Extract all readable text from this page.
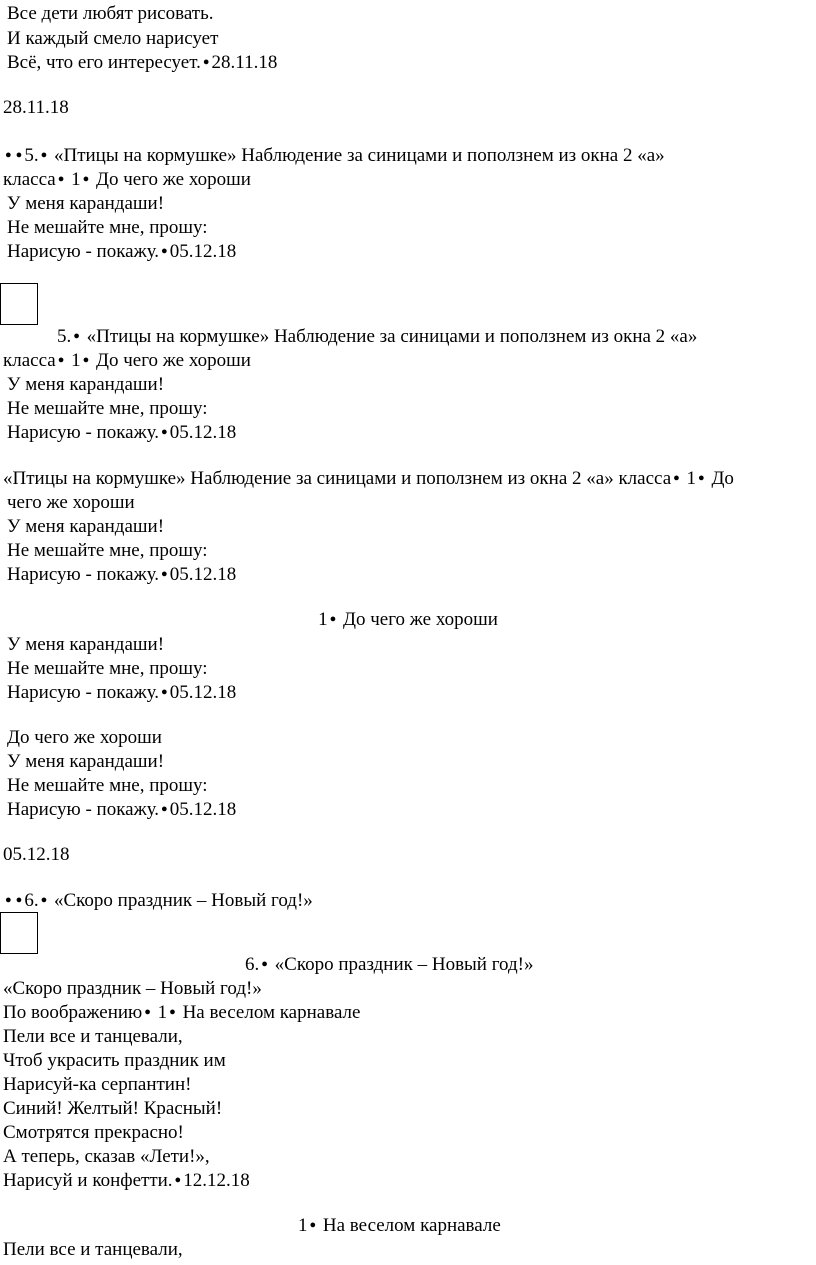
Все дети любят рисовать.
И каждый смело нарисует
Всё, что его интересует. ● 28.11.18
28.11.18
● ●5. ● «Птицы на кормушке» Наблюдение за синицами и поползнем из окна 2 «а»
класса ● 1 ● До чего же хороши
У меня карандаши!
Не мешайте мне, прошу:
Нарисую - покажу. ● 05.12.18
5. ● «Птицы на кормушке» Наблюдение за синицами и поползнем из окна 2 «а»
класса ● 1 ● До чего же хороши
У меня карандаши!
Не мешайте мне, прошу:
Нарисую - покажу. ● 05.12.18
«Птицы на кормушке» Наблюдение за синицами и поползнем из окна 2 «а» класса ● 1 ● До
чего же хороши
У меня карандаши!
Не мешайте мне, прошу:
Нарисую - покажу. ● 05.12.18
1 ● До чего же хороши
У меня карандаши!
Не мешайте мне, прошу:
Нарисую - покажу. ● 05.12.18
До чего же хороши
У меня карандаши!
Не мешайте мне, прошу:
Нарисую - покажу. ● 05.12.18
05.12.18
● ●6. ● «Скоро праздник – Новый год!»
6. ● «Скоро праздник – Новый год!»
«Скоро праздник – Новый год!»
По воображению ● 1 ● На веселом карнавале
Пели все и танцевали,
Чтоб украсить праздник им
Нарисуй-ка серпантин!
Синий! Желтый! Красный!
Смотрятся прекрасно!
А теперь, сказав «Лети!»,
Нарисуй и конфетти. ● 12.12.18
1 ● На веселом карнавале
Пели все и танцевали,
